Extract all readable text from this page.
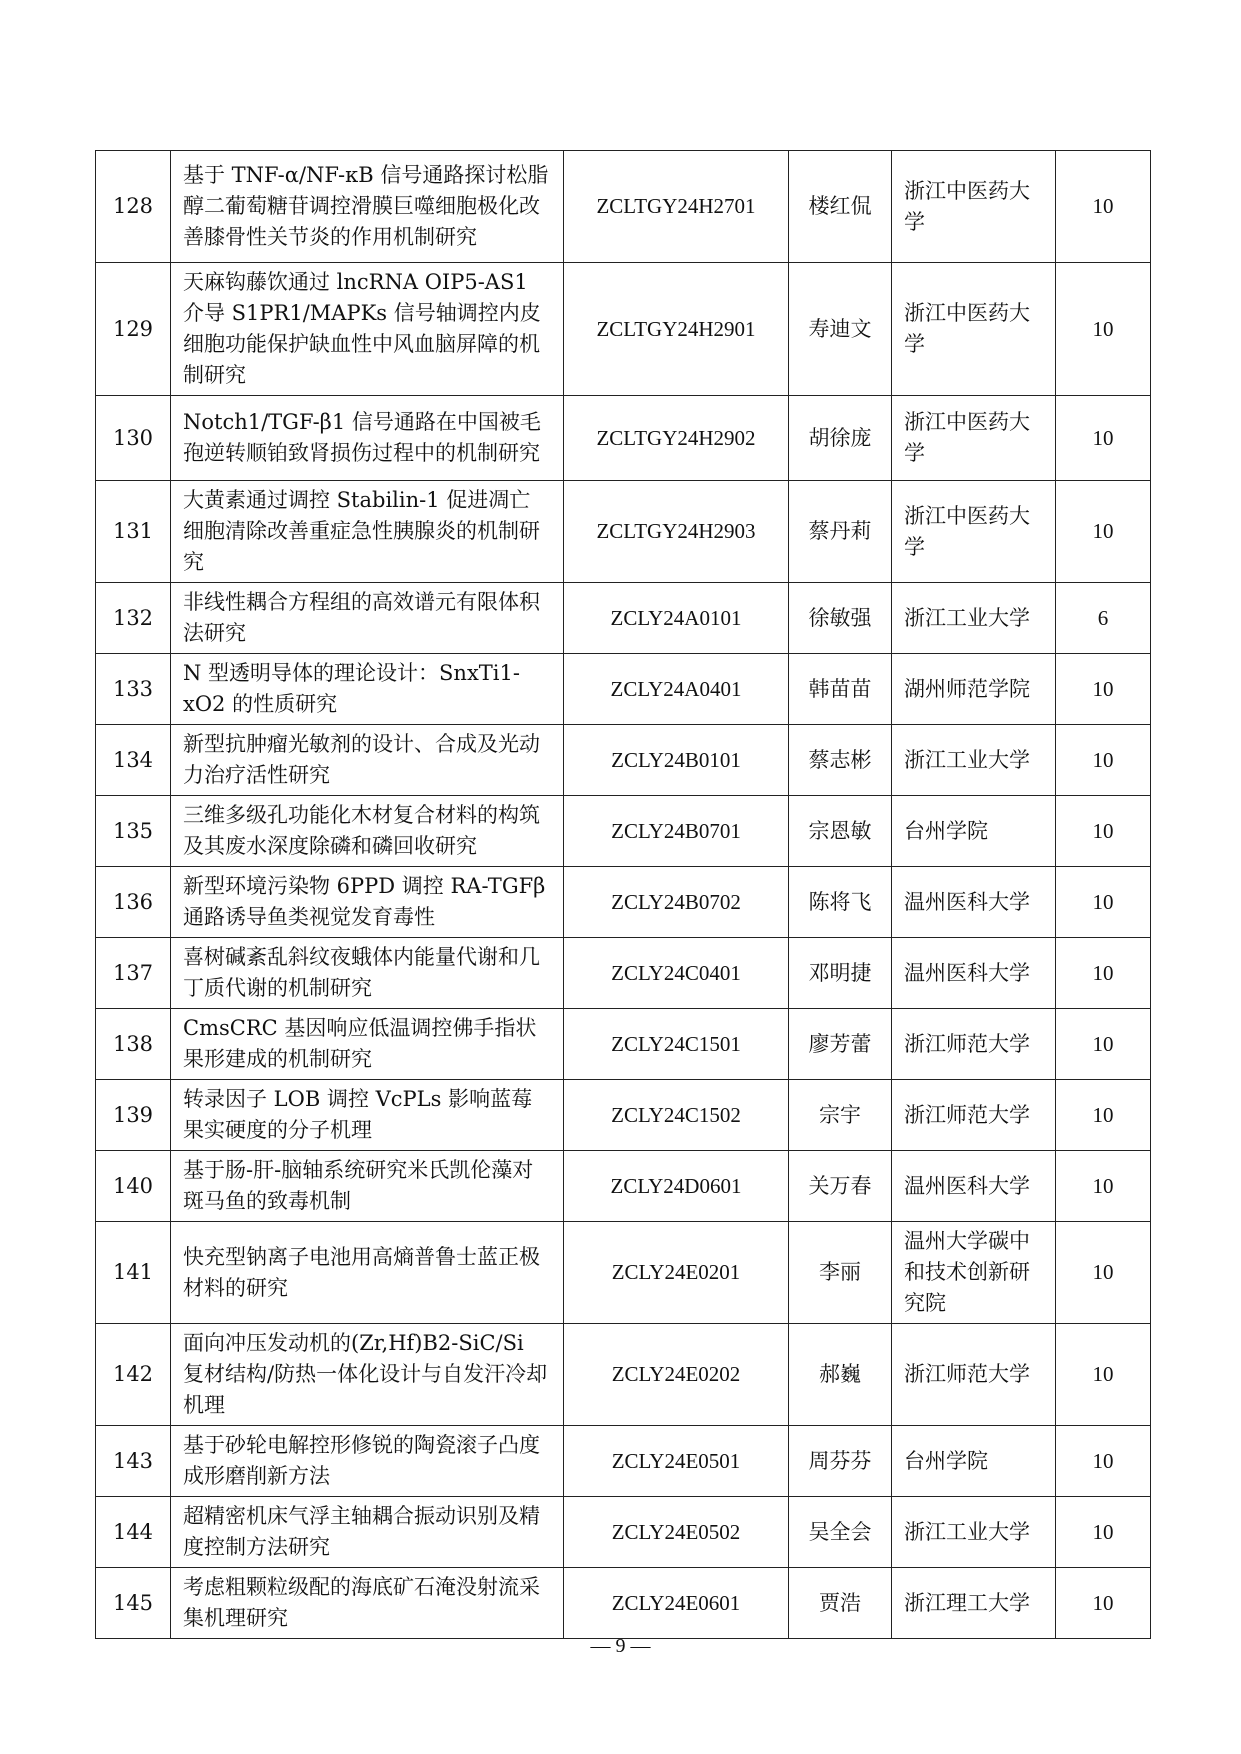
128	基于 TNF-α/NF-κB 信号通路探讨松脂醇二葡萄糖苷调控滑膜巨噬细胞极化改善膝骨性关节炎的作用机制研究	ZCLTGY24H2701	楼红侃	浙江中医药大学	10
129	天麻钩藤饮通过 lncRNA OIP5-AS1 介导 S1PR1/MAPKs 信号轴调控内皮细胞功能保护缺血性中风血脑屏障的机制研究	ZCLTGY24H2901	寿迪文	浙江中医药大学	10
130	Notch1/TGF-β1 信号通路在中国被毛孢逆转顺铂致肾损伤过程中的机制研究	ZCLTGY24H2902	胡徐庞	浙江中医药大学	10
131	大黄素通过调控 Stabilin-1 促进凋亡细胞清除改善重症急性胰腺炎的机制研究	ZCLTGY24H2903	蔡丹莉	浙江中医药大学	10
132	非线性耦合方程组的高效谱元有限体积法研究	ZCLY24A0101	徐敏强	浙江工业大学	6
133	N 型透明导体的理论设计：SnxTi1-xO2 的性质研究	ZCLY24A0401	韩苗苗	湖州师范学院	10
134	新型抗肿瘤光敏剂的设计、合成及光动力治疗活性研究	ZCLY24B0101	蔡志彬	浙江工业大学	10
135	三维多级孔功能化木材复合材料的构筑及其废水深度除磷和磷回收研究	ZCLY24B0701	宗恩敏	台州学院	10
136	新型环境污染物 6PPD 调控 RA-TGFβ通路诱导鱼类视觉发育毒性	ZCLY24B0702	陈将飞	温州医科大学	10
137	喜树碱紊乱斜纹夜蛾体内能量代谢和几丁质代谢的机制研究	ZCLY24C0401	邓明捷	温州医科大学	10
138	CmsCRC 基因响应低温调控佛手指状果形建成的机制研究	ZCLY24C1501	廖芳蕾	浙江师范大学	10
139	转录因子 LOB 调控 VcPLs 影响蓝莓果实硬度的分子机理	ZCLY24C1502	宗宇	浙江师范大学	10
140	基于肠-肝-脑轴系统研究米氏凯伦藻对斑马鱼的致毒机制	ZCLY24D0601	关万春	温州医科大学	10
141	快充型钠离子电池用高熵普鲁士蓝正极材料的研究	ZCLY24E0201	李丽	温州大学碳中和技术创新研究院	10
142	面向冲压发动机的(Zr,Hf)B2-SiC/Si 复材结构/防热一体化设计与自发汗冷却机理	ZCLY24E0202	郝巍	浙江师范大学	10
143	基于砂轮电解控形修锐的陶瓷滚子凸度成形磨削新方法	ZCLY24E0501	周芬芬	台州学院	10
144	超精密机床气浮主轴耦合振动识别及精度控制方法研究	ZCLY24E0502	吴全会	浙江工业大学	10
145	考虑粗颗粒级配的海底矿石淹没射流采集机理研究	ZCLY24E0601	贾浩	浙江理工大学	10
— 9 —
